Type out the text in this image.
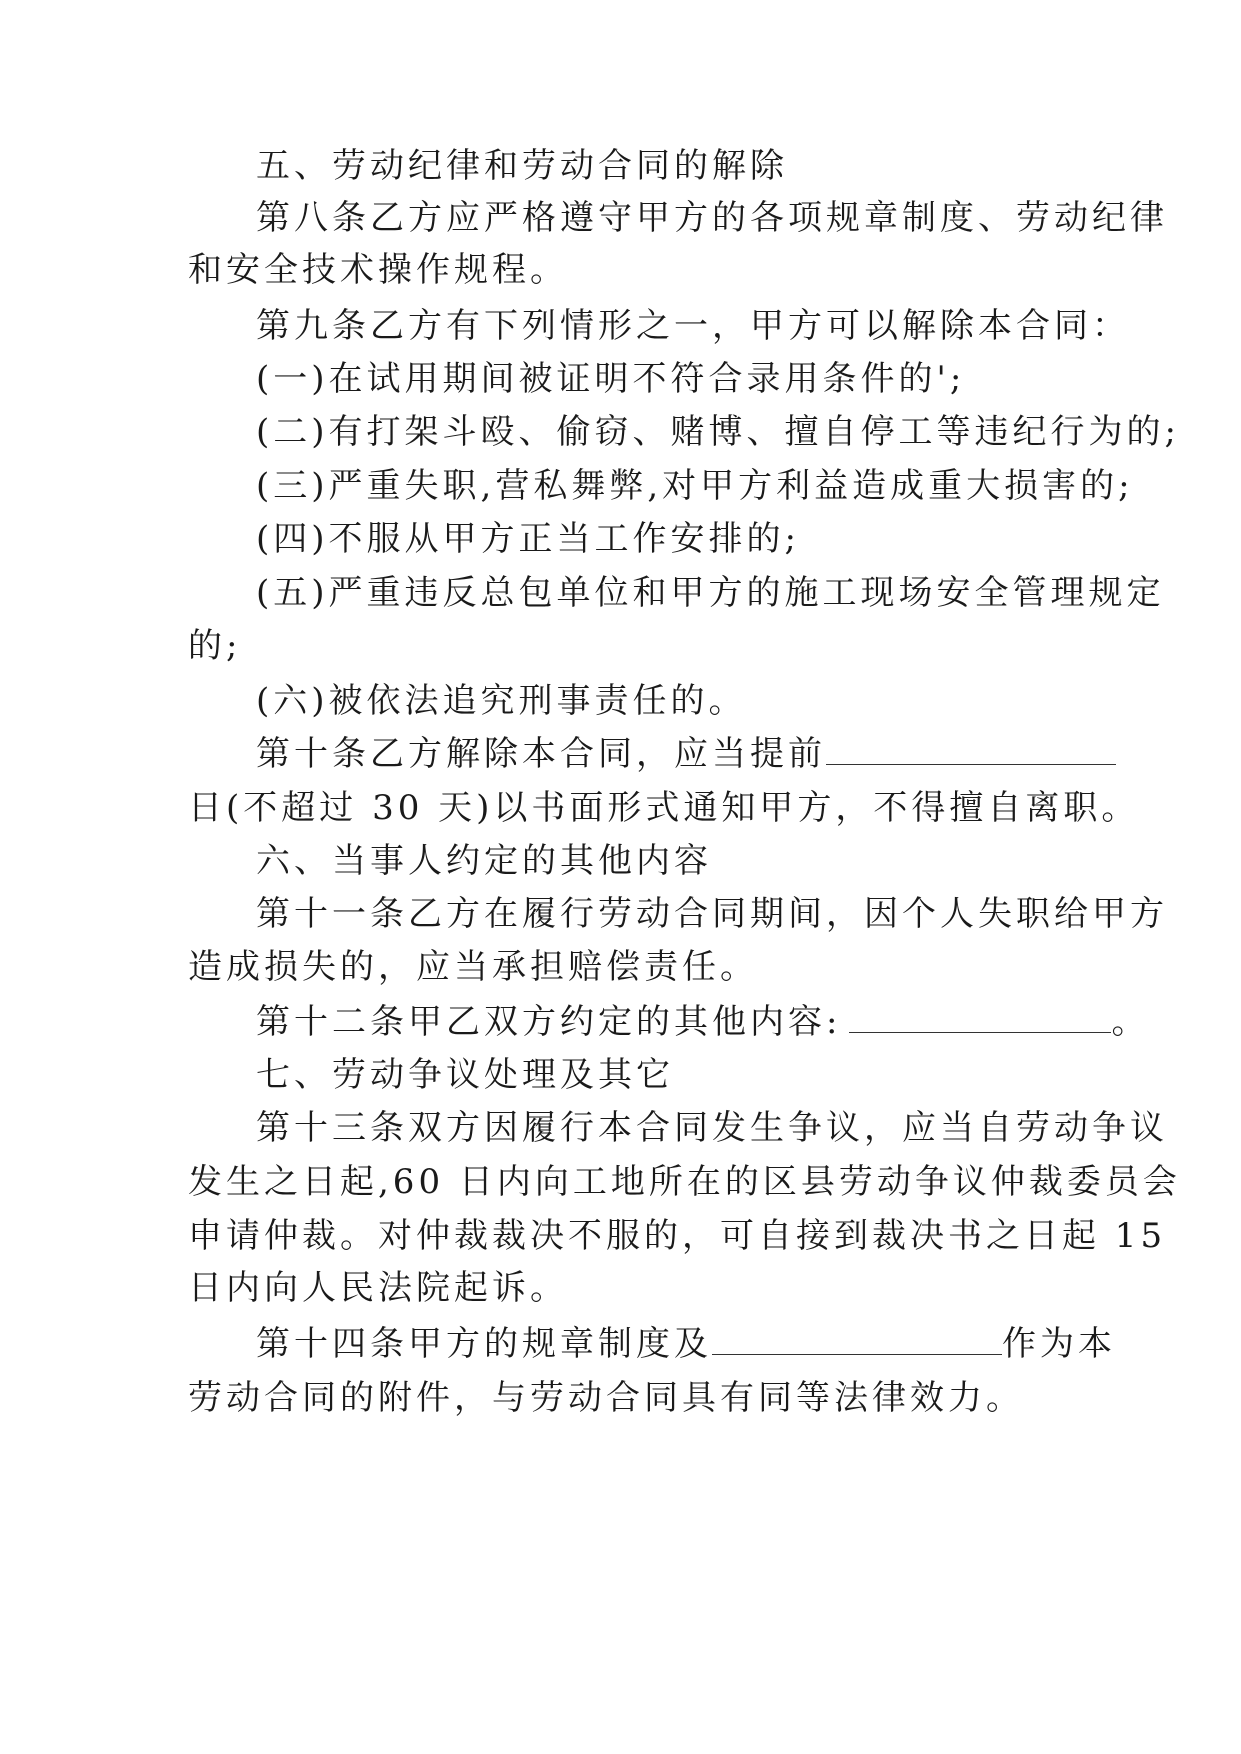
五、劳动纪律和劳动合同的解除
第八条乙方应严格遵守甲方的各项规章制度、劳动纪律
和安全技术操作规程。
第九条乙方有下列情形之一，甲方可以解除本合同：
(一)在试用期间被证明不符合录用条件的';
(二)有打架斗殴、偷窃、赌博、擅自停工等违纪行为的;
(三)严重失职,营私舞弊,对甲方利益造成重大损害的;
(四)不服从甲方正当工作安排的;
(五)严重违反总包单位和甲方的施工现场安全管理规定
的;
(六)被依法追究刑事责任的。
第十条乙方解除本合同，应当提前
日(不超过 30 天)以书面形式通知甲方，不得擅自离职。
六、当事人约定的其他内容
第十一条乙方在履行劳动合同期间，因个人失职给甲方
造成损失的，应当承担赔偿责任。
第十二条甲乙双方约定的其他内容:	。
七、劳动争议处理及其它
第十三条双方因履行本合同发生争议，应当自劳动争议
发生之日起,60 日内向工地所在的区县劳动争议仲裁委员会
申请仲裁。对仲裁裁决不服的，可自接到裁决书之日起 15
日内向人民法院起诉。
第十四条甲方的规章制度及	作为本
劳动合同的附件，与劳动合同具有同等法律效力。
